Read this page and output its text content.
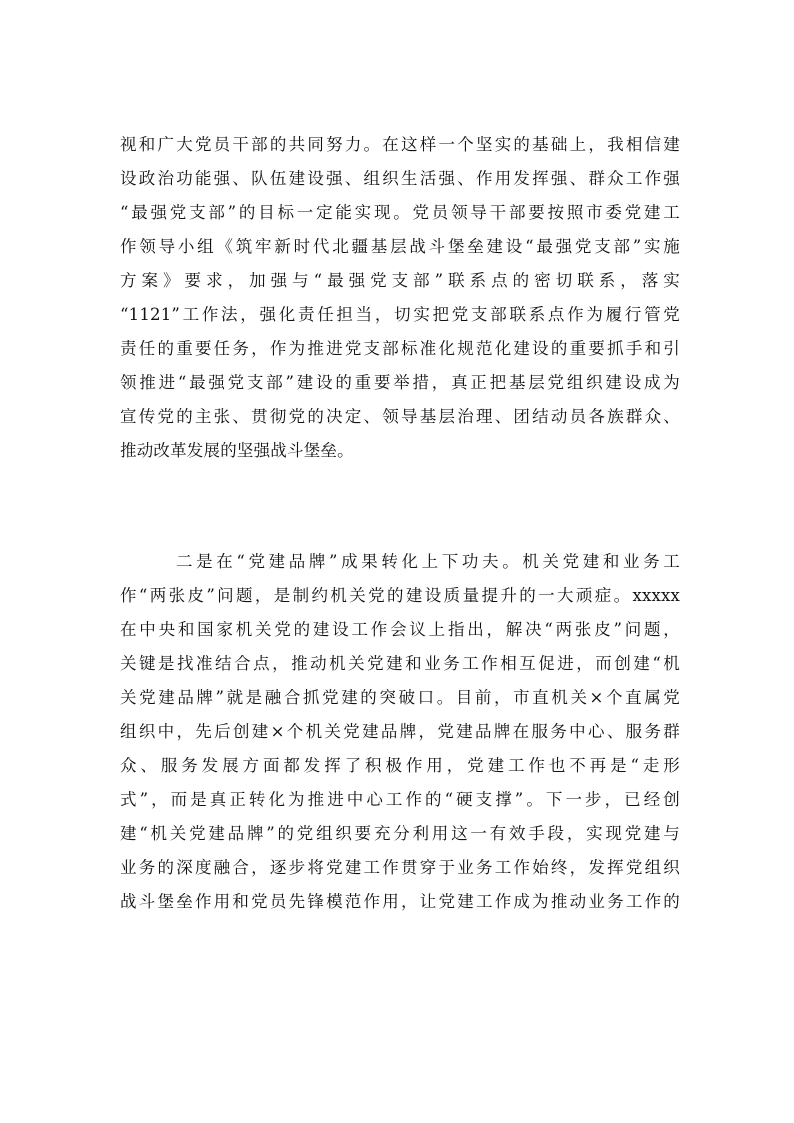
视和广大党员干部的共同努力。在这样一个坚实的基础上，我相信建
设政治功能强、队伍建设强、组织生活强、作用发挥强、群众工作强
“最强党支部”的目标一定能实现。党员领导干部要按照市委党建工
作领导小组《筑牢新时代北疆基层战斗堡垒建设“最强党支部”实施
方案》要求，加强与“最强党支部”联系点的密切联系，落实
“1121”工作法，强化责任担当，切实把党支部联系点作为履行管党
责任的重要任务，作为推进党支部标准化规范化建设的重要抓手和引
领推进“最强党支部”建设的重要举措，真正把基层党组织建设成为
宣传党的主张、贯彻党的决定、领导基层治理、团结动员各族群众、
推动改革发展的坚强战斗堡垒。
二是在“党建品牌”成果转化上下功夫。机关党建和业务工
作“两张皮”问题，是制约机关党的建设质量提升的一大顽症。xxxxx
在中央和国家机关党的建设工作会议上指出，解决“两张皮”问题，
关键是找准结合点，推动机关党建和业务工作相互促进，而创建“机
关党建品牌”就是融合抓党建的突破口。目前，市直机关×个直属党
组织中，先后创建×个机关党建品牌，党建品牌在服务中心、服务群
众、服务发展方面都发挥了积极作用，党建工作也不再是“走形
式”，而是真正转化为推进中心工作的“硬支撑”。下一步，已经创
建“机关党建品牌”的党组织要充分利用这一有效手段，实现党建与
业务的深度融合，逐步将党建工作贯穿于业务工作始终，发挥党组织
战斗堡垒作用和党员先锋模范作用，让党建工作成为推动业务工作的
